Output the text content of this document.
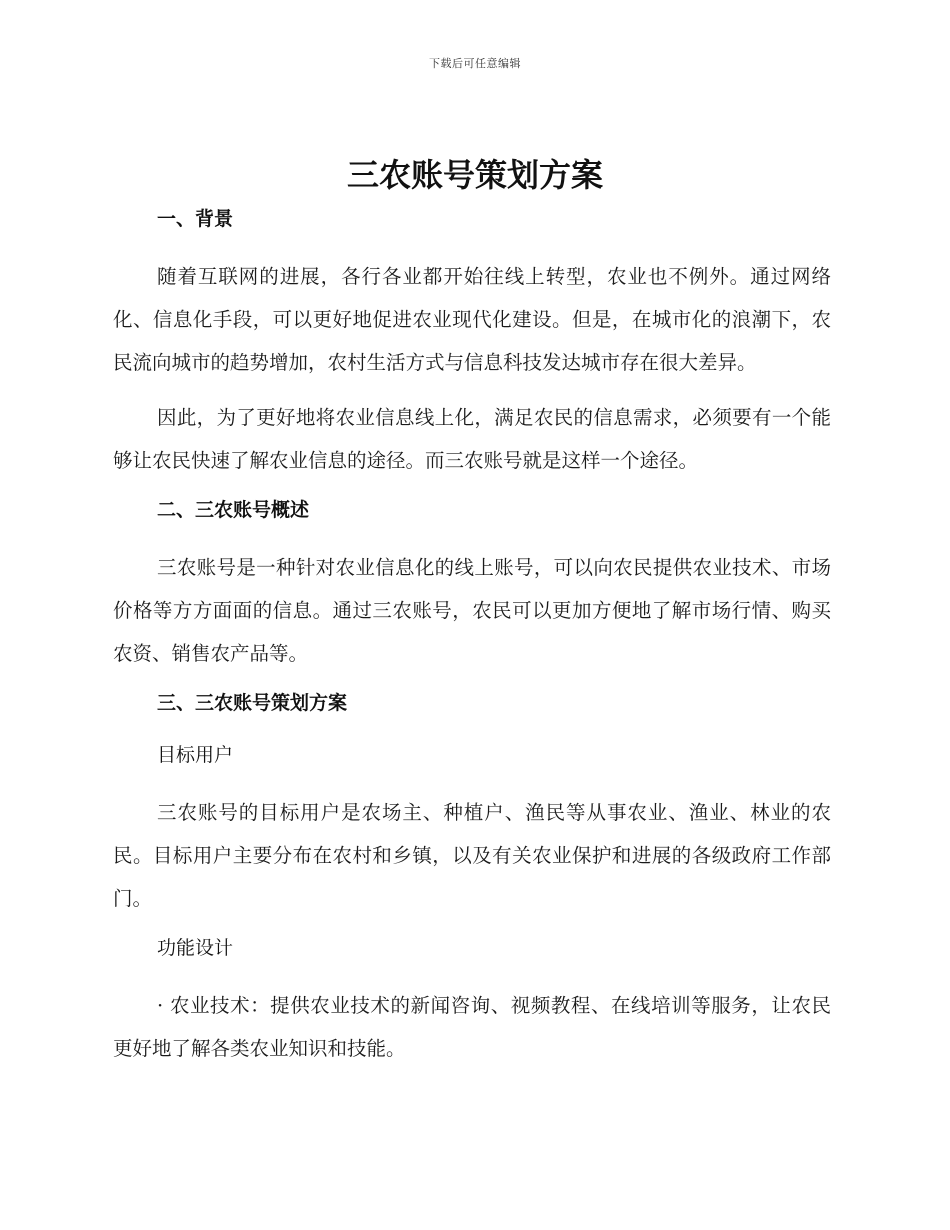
下载后可任意编辑
三农账号策划方案
一、背景

随着互联网的进展，各行各业都开始往线上转型，农业也不例外。通过网络化、信息化手段，可以更好地促进农业现代化建设。但是，在城市化的浪潮下，农民流向城市的趋势增加，农村生活方式与信息科技发达城市存在很大差异。

因此，为了更好地将农业信息线上化，满足农民的信息需求，必须要有一个能够让农民快速了解农业信息的途径。而三农账号就是这样一个途径。

二、三农账号概述

三农账号是一种针对农业信息化的线上账号，可以向农民提供农业技术、市场价格等方方面面的信息。通过三农账号，农民可以更加方便地了解市场行情、购买农资、销售农产品等。

三、三农账号策划方案
目标用户

三农账号的目标用户是农场主、种植户、渔民等从事农业、渔业、林业的农民。目标用户主要分布在农村和乡镇，以及有关农业保护和进展的各级政府工作部门。

功能设计

· 农业技术：提供农业技术的新闻咨询、视频教程、在线培训等服务，让农民更好地了解各类农业知识和技能。
